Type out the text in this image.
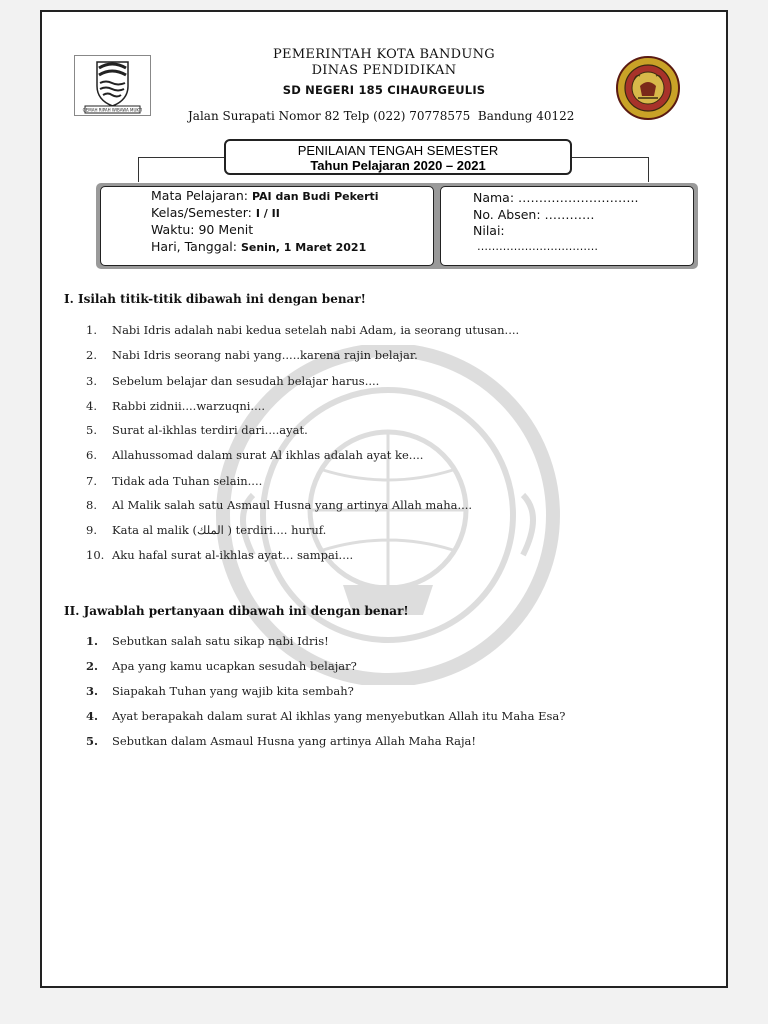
GEMAH RIPAH WIBAWA MUKTI
PEMERINTAH KOTA BANDUNG
DINAS PENDIDIKAN
SD NEGERI 185 CIHAURGEULIS
Jalan Surapati Nomor 82 Telp (022) 70778575  Bandung 40122
PENILAIAN TENGAH SEMESTER
Tahun Pelajaran 2020 – 2021
Mata Pelajaran: PAI dan Budi Pekerti
Kelas/Semester: I / II
Waktu: 90 Menit
Hari, Tanggal: Senin, 1 Maret 2021
Nama: ………………………..
No. Absen: …………
Nilai:
……………………………
I. Isilah titik-titik dibawah ini dengan benar!
1. Nabi Idris adalah nabi kedua setelah nabi Adam, ia seorang utusan....
2. Nabi Idris seorang nabi yang.....karena rajin belajar.
3. Sebelum belajar dan sesudah belajar harus....
4. Rabbi zidnii....warzuqni....
5. Surat al-ikhlas terdiri dari....ayat.
6. Allahussomad dalam surat Al ikhlas adalah ayat ke....
7. Tidak ada Tuhan selain....
8. Al Malik salah satu Asmaul Husna yang artinya Allah maha....
9. Kata al malik (الملك ) terdiri.... huruf.
10. Aku hafal surat al-ikhlas ayat... sampai....
II. Jawablah pertanyaan dibawah ini dengan benar!
1. Sebutkan salah satu sikap nabi Idris!
2. Apa yang kamu ucapkan sesudah belajar?
3. Siapakah Tuhan yang wajib kita sembah?
4. Ayat berapakah dalam surat Al ikhlas yang menyebutkan Allah itu Maha Esa?
5. Sebutkan dalam Asmaul Husna yang artinya Allah Maha Raja!
